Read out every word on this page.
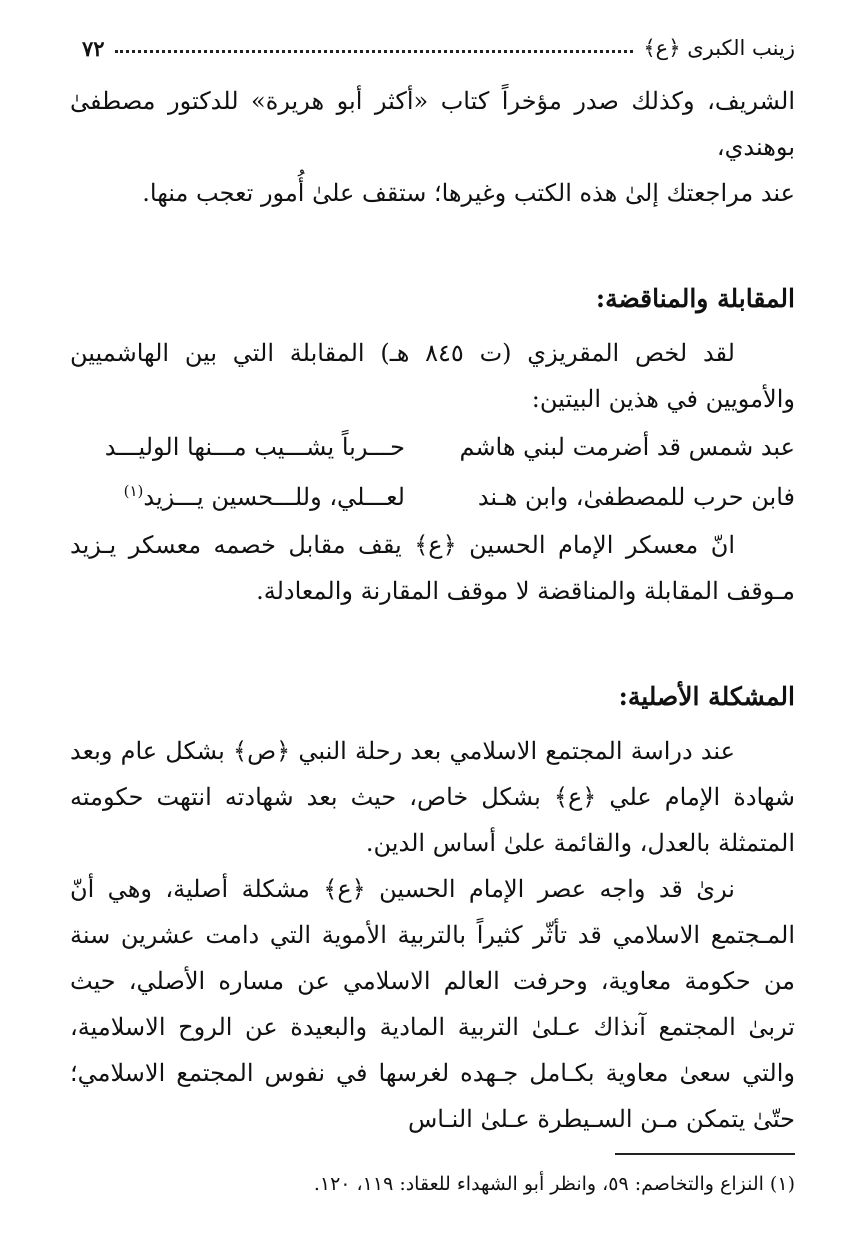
زينب الكبرى ﴿ع﴾
٧٢

الشريف، وكذلك صدر مؤخراً كتاب «أكثر أبو هريرة» للدكتور مصطفىٰ بوهندي،

عند مراجعتك إلىٰ هذه الكتب وغيرها؛ ستقف علىٰ أُمور تعجب منها.

المقابلة والمناقضة:

لقد لخص المقريزي (ت ٨٤٥ هـ) المقابلة التي بين الهاشميين والأمويين في هذين البيتين:

عبد شمس قد أضرمت لبني هاشم
حـــرباً يشـــيب مـــنها الوليـــد
فابن حرب للمصطفىٰ، وابن هـند
لعـــلي، وللـــحسين يـــزيد$^{(١)}$

انّ معسكر الإمام الحسين ﴿ع﴾ يقف مقابل خصمه معسكر يـزيد مـوقف المقابلة والمناقضة لا موقف المقارنة والمعادلة.

المشكلة الأصلية:

عند دراسة المجتمع الاسلامي بعد رحلة النبي ﴿ص﴾ بشكل عام وبعد شهادة الإمام علي ﴿ع﴾ بشكل خاص، حيث بعد شهادته انتهت حكومته المتمثلة بالعدل، والقائمة علىٰ أساس الدين.

نرىٰ قد واجه عصر الإمام الحسين ﴿ع﴾ مشكلة أصلية، وهي أنّ المـجتمع الاسلامي قد تأثّر كثيراً بالتربية الأموية التي دامت عشرين سنة من حكومة معاوية، وحرفت العالم الاسلامي عن مساره الأصلي، حيث تربىٰ المجتمع آنذاك عـلىٰ التربية المادية والبعيدة عن الروح الاسلامية، والتي سعىٰ معاوية بكـامل جـهده لغرسها في نفوس المجتمع الاسلامي؛ حتّىٰ يتمكن مـن السـيطرة عـلىٰ النـاس

(١) النزاع والتخاصم: ٥٩، وانظر أبو الشهداء للعقاد: ١١٩، ١٢٠.
